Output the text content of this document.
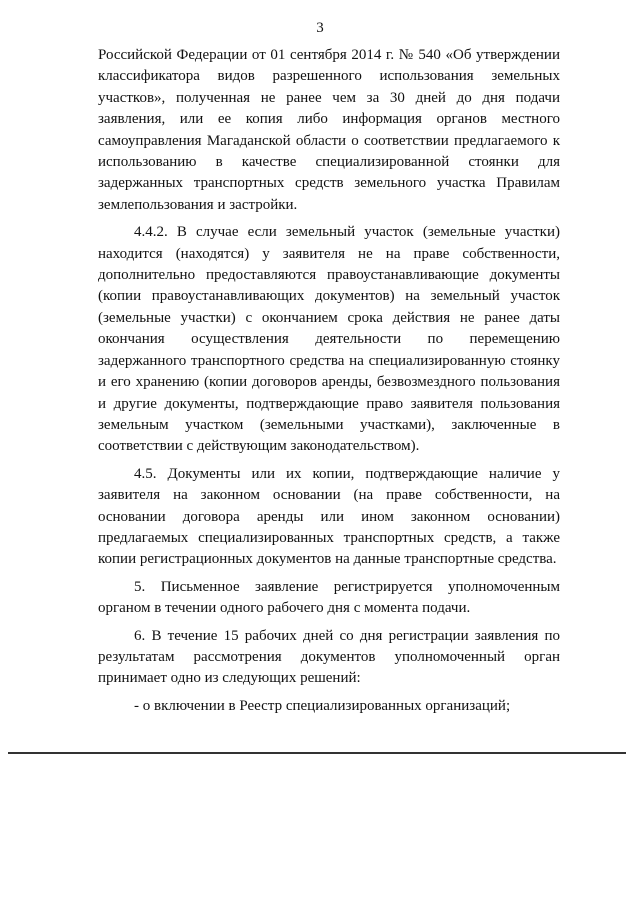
3

Российской Федерации от 01 сентября 2014 г. № 540 «Об утверждении классификатора видов разрешенного использования земельных участков», полученная не ранее чем за 30 дней до дня подачи заявления, или ее копия либо информация органов местного самоуправления Магаданской области о соответствии предлагаемого к использованию в качестве специализированной стоянки для задержанных транспортных средств земельного участка Правилам землепользования и застройки.

4.4.2. В случае если земельный участок (земельные участки) находится (находятся) у заявителя не на праве собственности, дополнительно предоставляются правоустанавливающие документы (копии правоустанавливающих документов) на земельный участок (земельные участки) с окончанием срока действия не ранее даты окончания осуществления деятельности по перемещению задержанного транспортного средства на специализированную стоянку и его хранению (копии договоров аренды, безвозмездного пользования и другие документы, подтверждающие право заявителя пользования земельным участком (земельными участками), заключенные в соответствии с действующим законодательством).

4.5. Документы или их копии, подтверждающие наличие у заявителя на законном основании (на праве собственности, на основании договора аренды или ином законном основании) предлагаемых специализированных транспортных средств, а также копии регистрационных документов на данные транспортные средства.

5. Письменное заявление регистрируется уполномоченным органом в течении одного рабочего дня с момента подачи.

6. В течение 15 рабочих дней со дня регистрации заявления по результатам рассмотрения документов уполномоченный орган принимает одно из следующих решений:

- о включении в Реестр специализированных организаций;
